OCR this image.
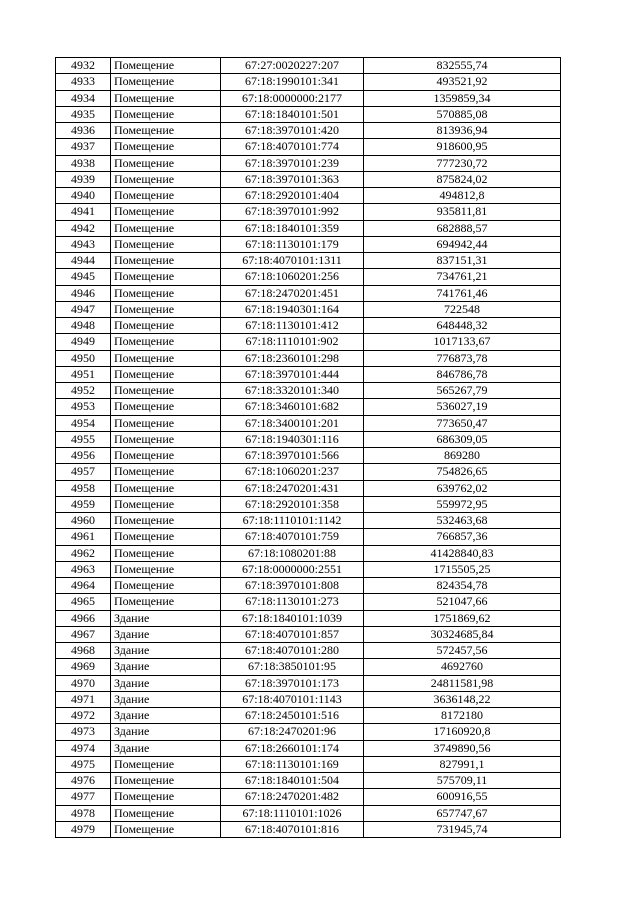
4932	Помещение	67:27:0020227:207	832555,74
4933	Помещение	67:18:1990101:341	493521,92
4934	Помещение	67:18:0000000:2177	1359859,34
4935	Помещение	67:18:1840101:501	570885,08
4936	Помещение	67:18:3970101:420	813936,94
4937	Помещение	67:18:4070101:774	918600,95
4938	Помещение	67:18:3970101:239	777230,72
4939	Помещение	67:18:3970101:363	875824,02
4940	Помещение	67:18:2920101:404	494812,8
4941	Помещение	67:18:3970101:992	935811,81
4942	Помещение	67:18:1840101:359	682888,57
4943	Помещение	67:18:1130101:179	694942,44
4944	Помещение	67:18:4070101:1311	837151,31
4945	Помещение	67:18:1060201:256	734761,21
4946	Помещение	67:18:2470201:451	741761,46
4947	Помещение	67:18:1940301:164	722548
4948	Помещение	67:18:1130101:412	648448,32
4949	Помещение	67:18:1110101:902	1017133,67
4950	Помещение	67:18:2360101:298	776873,78
4951	Помещение	67:18:3970101:444	846786,78
4952	Помещение	67:18:3320101:340	565267,79
4953	Помещение	67:18:3460101:682	536027,19
4954	Помещение	67:18:3400101:201	773650,47
4955	Помещение	67:18:1940301:116	686309,05
4956	Помещение	67:18:3970101:566	869280
4957	Помещение	67:18:1060201:237	754826,65
4958	Помещение	67:18:2470201:431	639762,02
4959	Помещение	67:18:2920101:358	559972,95
4960	Помещение	67:18:1110101:1142	532463,68
4961	Помещение	67:18:4070101:759	766857,36
4962	Помещение	67:18:1080201:88	41428840,83
4963	Помещение	67:18:0000000:2551	1715505,25
4964	Помещение	67:18:3970101:808	824354,78
4965	Помещение	67:18:1130101:273	521047,66
4966	Здание	67:18:1840101:1039	1751869,62
4967	Здание	67:18:4070101:857	30324685,84
4968	Здание	67:18:4070101:280	572457,56
4969	Здание	67:18:3850101:95	4692760
4970	Здание	67:18:3970101:173	24811581,98
4971	Здание	67:18:4070101:1143	3636148,22
4972	Здание	67:18:2450101:516	8172180
4973	Здание	67:18:2470201:96	17160920,8
4974	Здание	67:18:2660101:174	3749890,56
4975	Помещение	67:18:1130101:169	827991,1
4976	Помещение	67:18:1840101:504	575709,11
4977	Помещение	67:18:2470201:482	600916,55
4978	Помещение	67:18:1110101:1026	657747,67
4979	Помещение	67:18:4070101:816	731945,74
